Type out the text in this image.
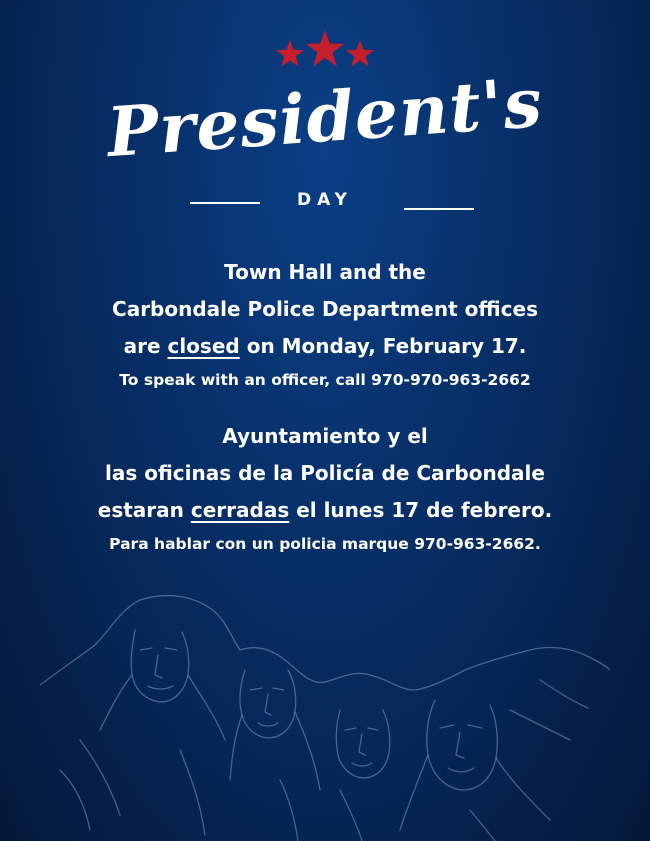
President's
DAY
Town Hall and the
Carbondale Police Department offices
are closed on Monday, February 17.
To speak with an officer, call 970-970-963-2662
Ayuntamiento y el
las oficinas de la Policía de Carbondale
estaran cerradas el lunes 17 de febrero.
Para hablar con un policia marque 970-963-2662.
